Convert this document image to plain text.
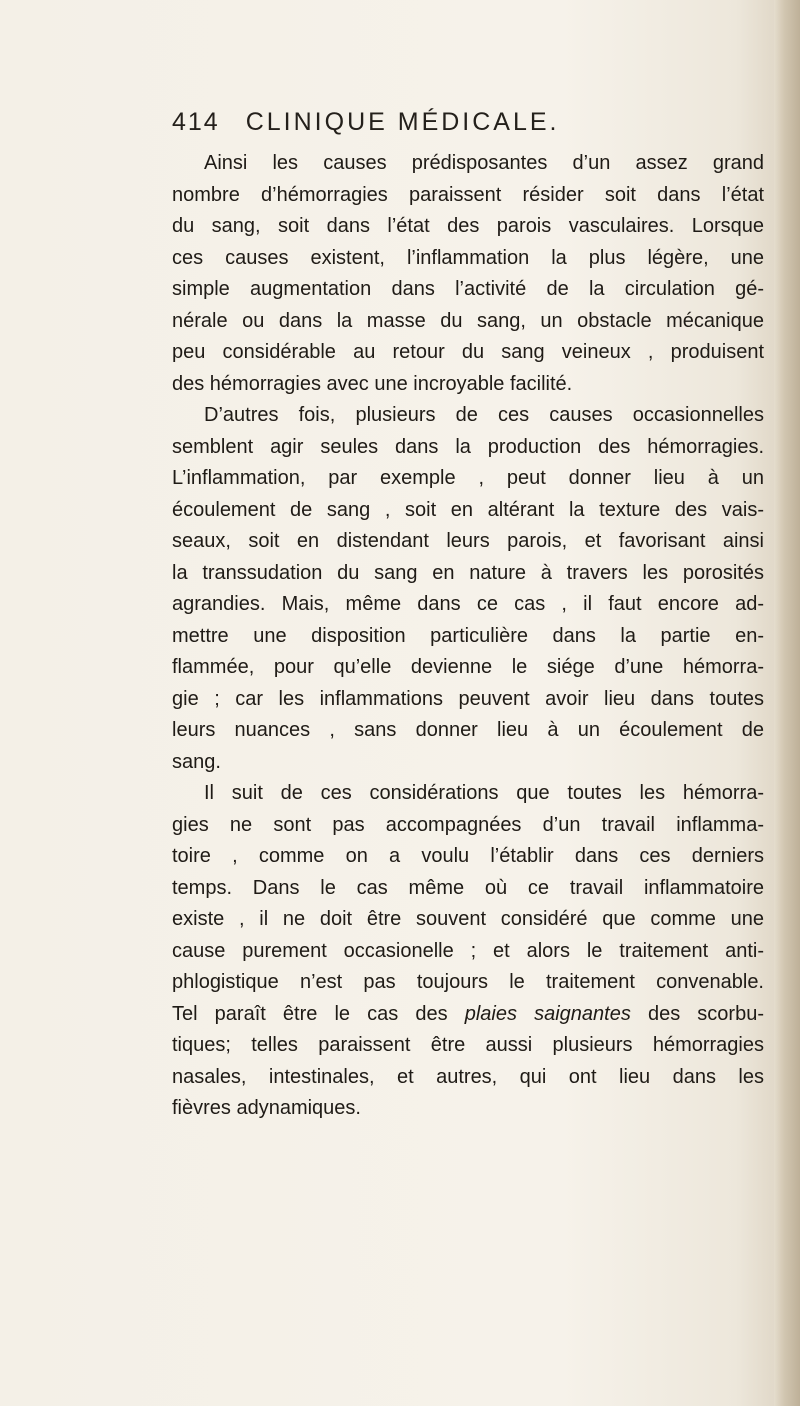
414 CLINIQUE MÉDICALE.
Ainsi les causes prédisposantes d’un assez grand
nombre d’hémorragies paraissent résider soit dans l’état
du sang, soit dans l’état des parois vasculaires. Lorsque
ces causes existent, l’inflammation la plus légère, une
simple augmentation dans l’activité de la circulation gé-
nérale ou dans la masse du sang, un obstacle mécanique
peu considérable au retour du sang veineux , produisent
des hémorragies avec une incroyable facilité.
D’autres fois, plusieurs de ces causes occasionnelles
semblent agir seules dans la production des hémorragies.
L’inflammation, par exemple , peut donner lieu à un
écoulement de sang , soit en altérant la texture des vais-
seaux, soit en distendant leurs parois, et favorisant ainsi
la transsudation du sang en nature à travers les porosités
agrandies. Mais, même dans ce cas , il faut encore ad-
mettre une disposition particulière dans la partie en-
flammée, pour qu’elle devienne le siége d’une hémorra-
gie ; car les inflammations peuvent avoir lieu dans toutes
leurs nuances , sans donner lieu à un écoulement de
sang.
Il suit de ces considérations que toutes les hémorra-
gies ne sont pas accompagnées d’un travail inflamma-
toire , comme on a voulu l’établir dans ces derniers
temps. Dans le cas même où ce travail inflammatoire
existe , il ne doit être souvent considéré que comme une
cause purement occasionelle ; et alors le traitement anti-
phlogistique n’est pas toujours le traitement convenable.
Tel paraît être le cas des plaies saignantes des scorbu-
tiques; telles paraissent être aussi plusieurs hémorragies
nasales, intestinales, et autres, qui ont lieu dans les
fièvres adynamiques.
